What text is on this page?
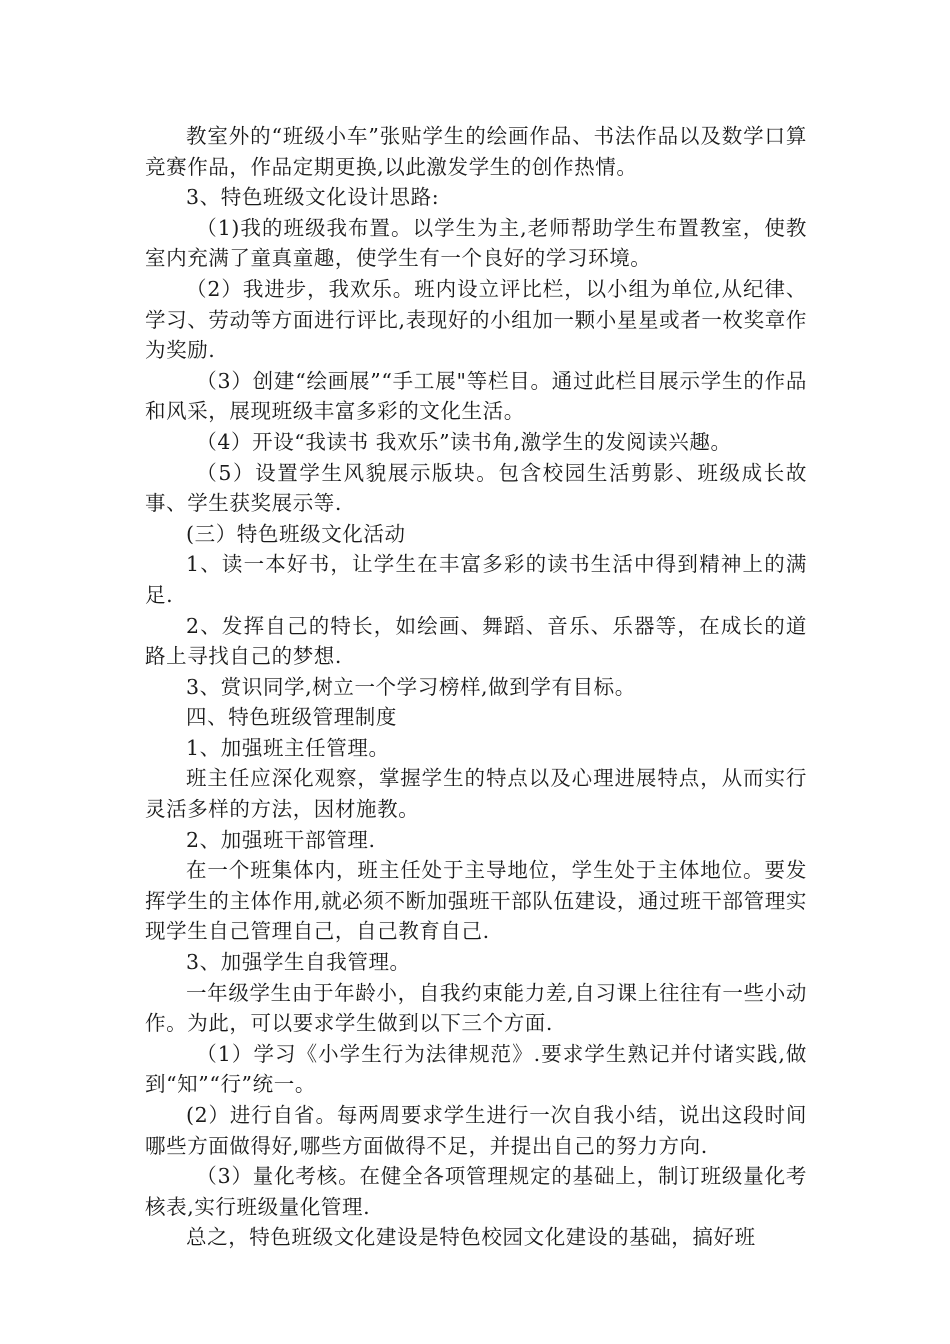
教室外的“班级小车”张贴学生的绘画作品、书法作品以及数学口算竞赛作品，作品定期更换,以此激发学生的创作热情。

3、特色班级文化设计思路:

（1)我的班级我布置。以学生为主,老师帮助学生布置教室，使教室内充满了童真童趣，使学生有一个良好的学习环境。

（2）我进步，我欢乐。班内设立评比栏，以小组为单位,从纪律、学习、劳动等方面进行评比,表现好的小组加一颗小星星或者一枚奖章作为奖励.

（3）创建“绘画展”“手工展"等栏目。通过此栏目展示学生的作品和风采，展现班级丰富多彩的文化生活。

（4）开设“我读书 我欢乐”读书角,激学生的发阅读兴趣。

（5）设置学生风貌展示版块。包含校园生活剪影、班级成长故事、学生获奖展示等.

(三）特色班级文化活动

1、读一本好书，让学生在丰富多彩的读书生活中得到精神上的满足.

2、发挥自己的特长，如绘画、舞蹈、音乐、乐器等，在成长的道路上寻找自己的梦想.

3、赏识同学,树立一个学习榜样,做到学有目标。

四、特色班级管理制度

1、加强班主任管理。

班主任应深化观察，掌握学生的特点以及心理进展特点，从而实行灵活多样的方法，因材施教。

2、加强班干部管理.

在一个班集体内，班主任处于主导地位，学生处于主体地位。要发挥学生的主体作用,就必须不断加强班干部队伍建设，通过班干部管理实现学生自己管理自己，自己教育自己.

3、加强学生自我管理。

一年级学生由于年龄小，自我约束能力差,自习课上往往有一些小动作。为此，可以要求学生做到以下三个方面.

（1）学习《小学生行为法律规范》.要求学生熟记并付诸实践,做到“知”“行”统一。

(2）进行自省。每两周要求学生进行一次自我小结，说出这段时间哪些方面做得好,哪些方面做得不足，并提出自己的努力方向.

（3）量化考核。在健全各项管理规定的基础上，制订班级量化考核表,实行班级量化管理.

总之，特色班级文化建设是特色校园文化建设的基础，搞好班
